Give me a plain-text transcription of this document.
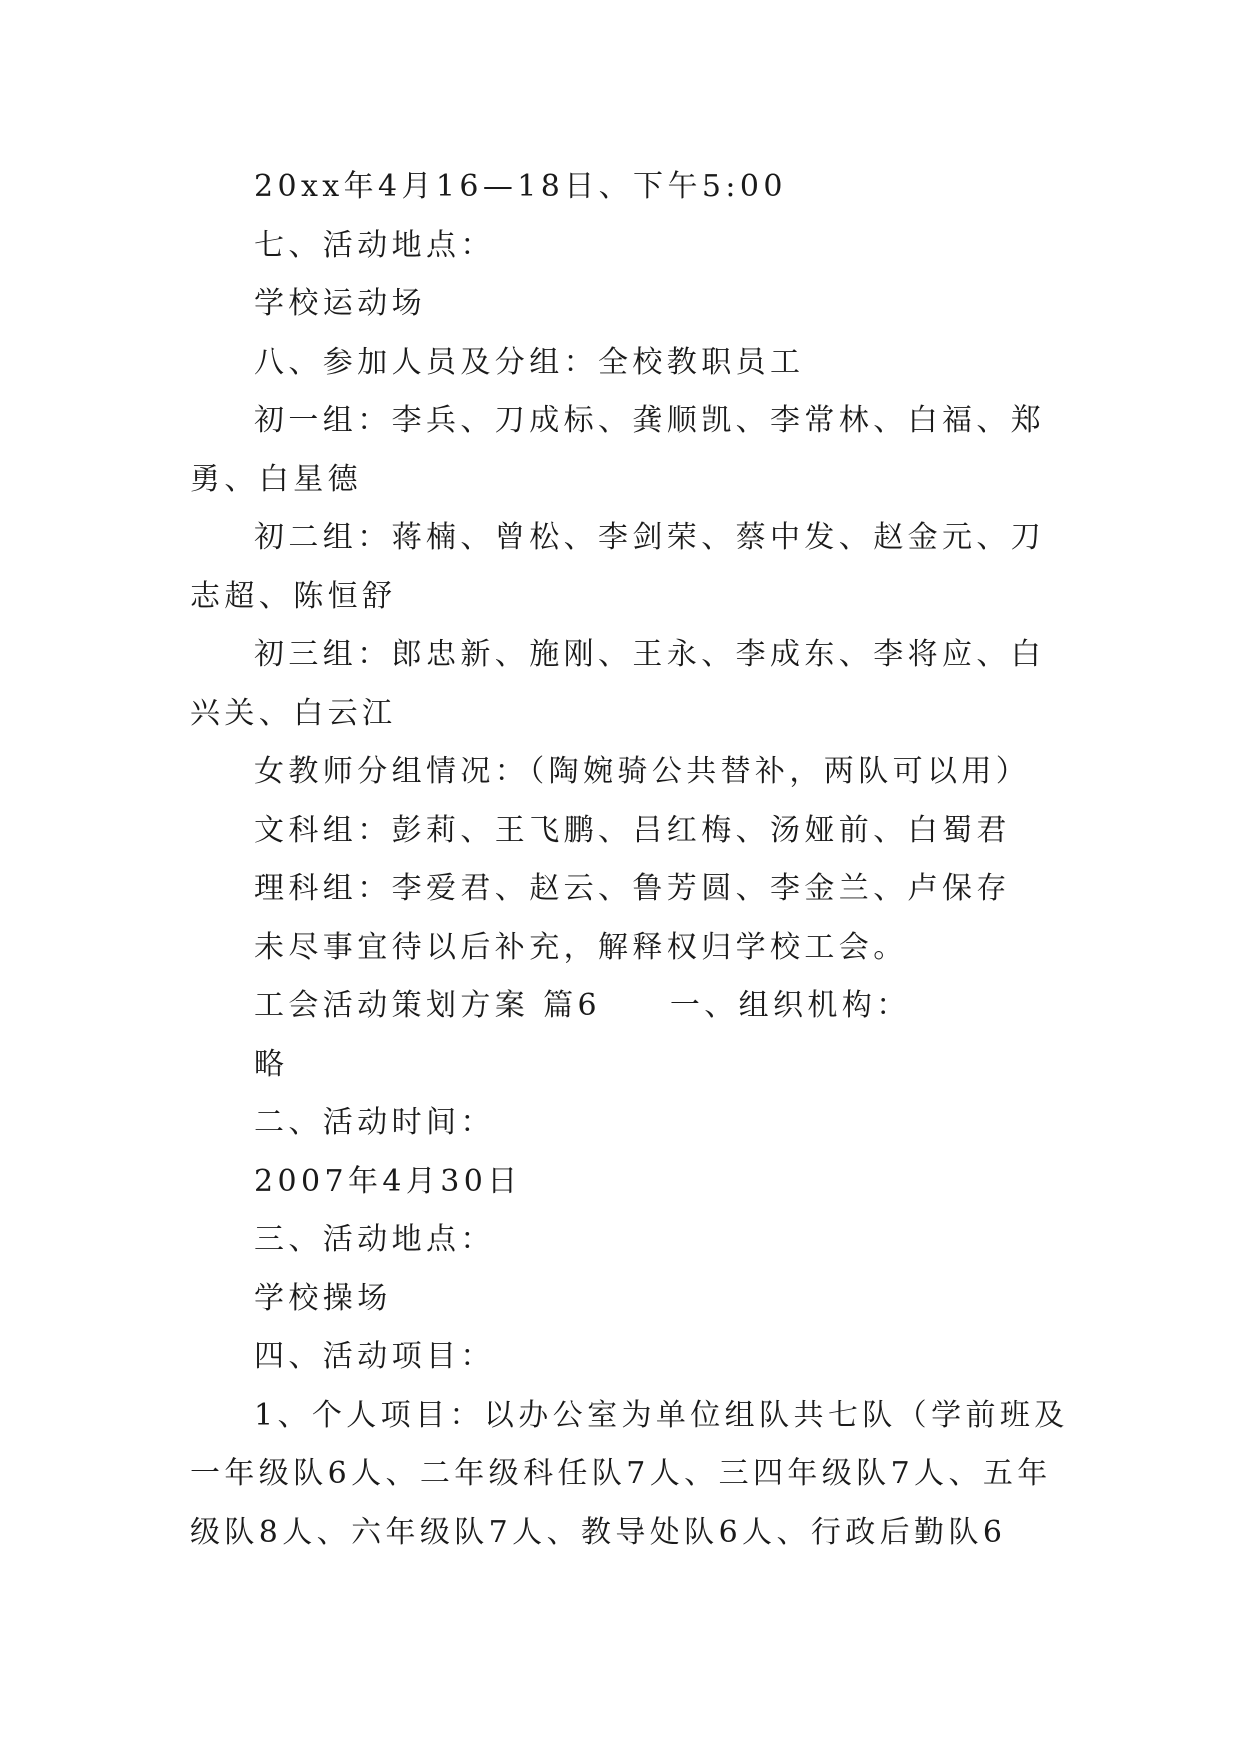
20xx年4月16—18日、下午5:00

七、活动地点：

学校运动场

八、参加人员及分组：全校教职员工

初一组：李兵、刀成标、龚顺凯、李常林、白福、郑勇、白星德

初二组：蒋楠、曾松、李剑荣、蔡中发、赵金元、刀志超、陈恒舒

初三组：郎忠新、施刚、王永、李成东、李将应、白兴关、白云江

女教师分组情况：（陶婉骑公共替补，两队可以用）

文科组：彭莉、王飞鹏、吕红梅、汤娅前、白蜀君

理科组：李爱君、赵云、鲁芳圆、李金兰、卢保存

未尽事宜待以后补充，解释权归学校工会。

工会活动策划方案 篇6　　一、组织机构：

略

二、活动时间：

2007年4月30日

三、活动地点：

学校操场

四、活动项目：

1、个人项目：以办公室为单位组队共七队（学前班及一年级队6人、二年级科任队7人、三四年级队7人、五年级队8人、六年级队7人、教导处队6人、行政后勤队6
